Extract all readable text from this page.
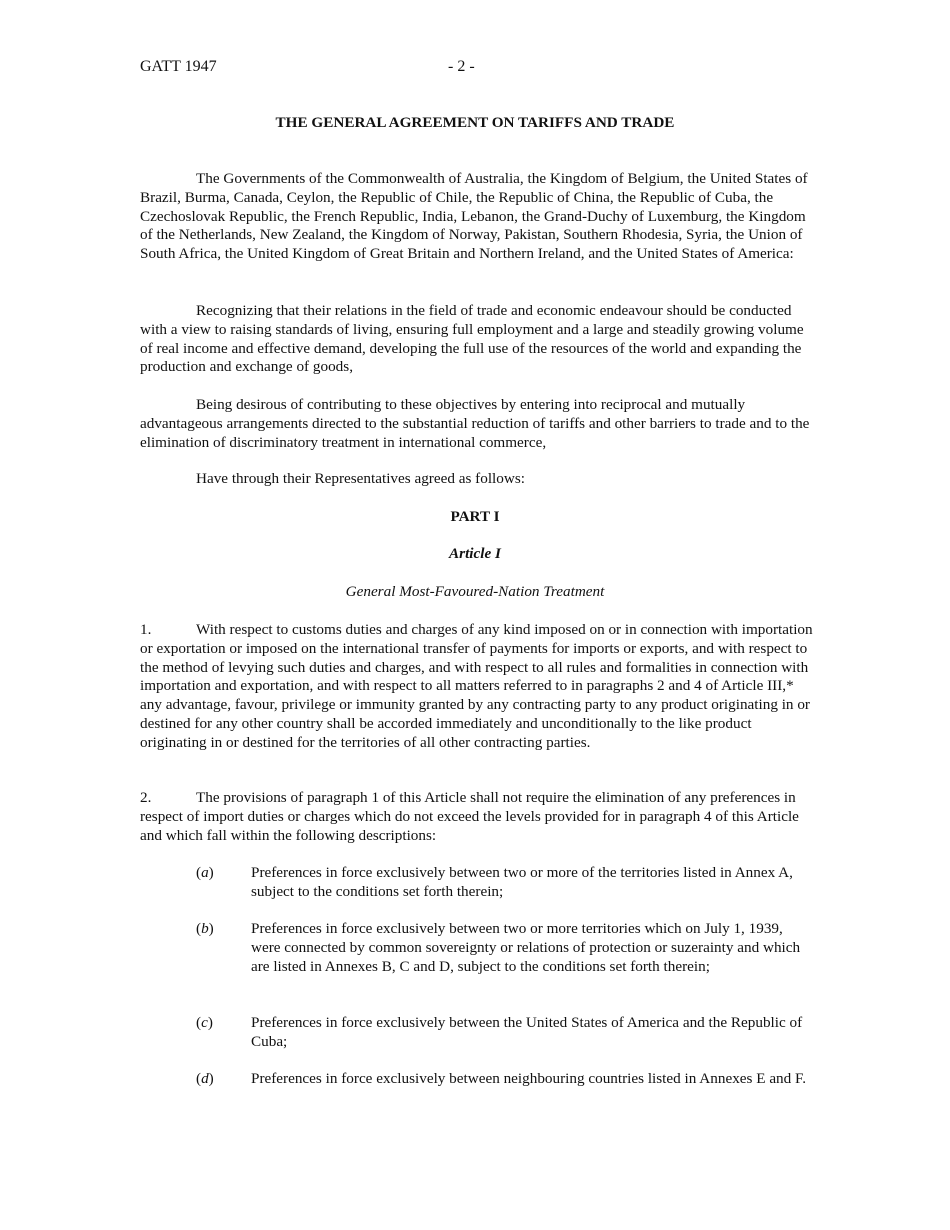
GATT 1947	- 2 -
THE GENERAL AGREEMENT ON TARIFFS AND TRADE

The Governments of the Commonwealth of Australia, the Kingdom of Belgium, the United States of Brazil, Burma, Canada, Ceylon, the Republic of Chile, the Republic of China, the Republic of Cuba, the Czechoslovak Republic, the French Republic, India, Lebanon, the Grand-Duchy of Luxemburg, the Kingdom of the Netherlands, New Zealand, the Kingdom of Norway, Pakistan, Southern Rhodesia, Syria, the Union of South Africa, the United Kingdom of Great Britain and Northern Ireland, and the United States of America:

Recognizing that their relations in the field of trade and economic endeavour should be conducted with a view to raising standards of living, ensuring full employment and a large and steadily growing volume of real income and effective demand, developing the full use of the resources of the world and expanding the production and exchange of goods,

Being desirous of contributing to these objectives by entering into reciprocal and mutually advantageous arrangements directed to the substantial reduction of tariffs and other barriers to trade and to the elimination of discriminatory treatment in international commerce,

Have through their Representatives agreed as follows:

PART I
Article I
General Most-Favoured-Nation Treatment
1.	With respect to customs duties and charges of any kind imposed on or in connection with importation or exportation or imposed on the international transfer of payments for imports or exports, and with respect to the method of levying such duties and charges, and with respect to all rules and formalities in connection with importation and exportation, and with respect to all matters referred to in paragraphs 2 and 4 of Article III,* any advantage, favour, privilege or immunity granted by any contracting party to any product originating in or destined for any other country shall be accorded immediately and unconditionally to the like product originating in or destined for the territories of all other contracting parties.

2.	The provisions of paragraph 1 of this Article shall not require the elimination of any preferences in respect of import duties or charges which do not exceed the levels provided for in paragraph 4 of this Article and which fall within the following descriptions:

(a) Preferences in force exclusively between two or more of the territories listed in Annex A, subject to the conditions set forth therein;
(b) Preferences in force exclusively between two or more territories which on July 1, 1939, were connected by common sovereignty or relations of protection or suzerainty and which are listed in Annexes B, C and D, subject to the conditions set forth therein;
(c)	Preferences in force exclusively between the United States of America and the Republic of Cuba;
(d) Preferences in force exclusively between neighbouring countries listed in Annexes E and F.
